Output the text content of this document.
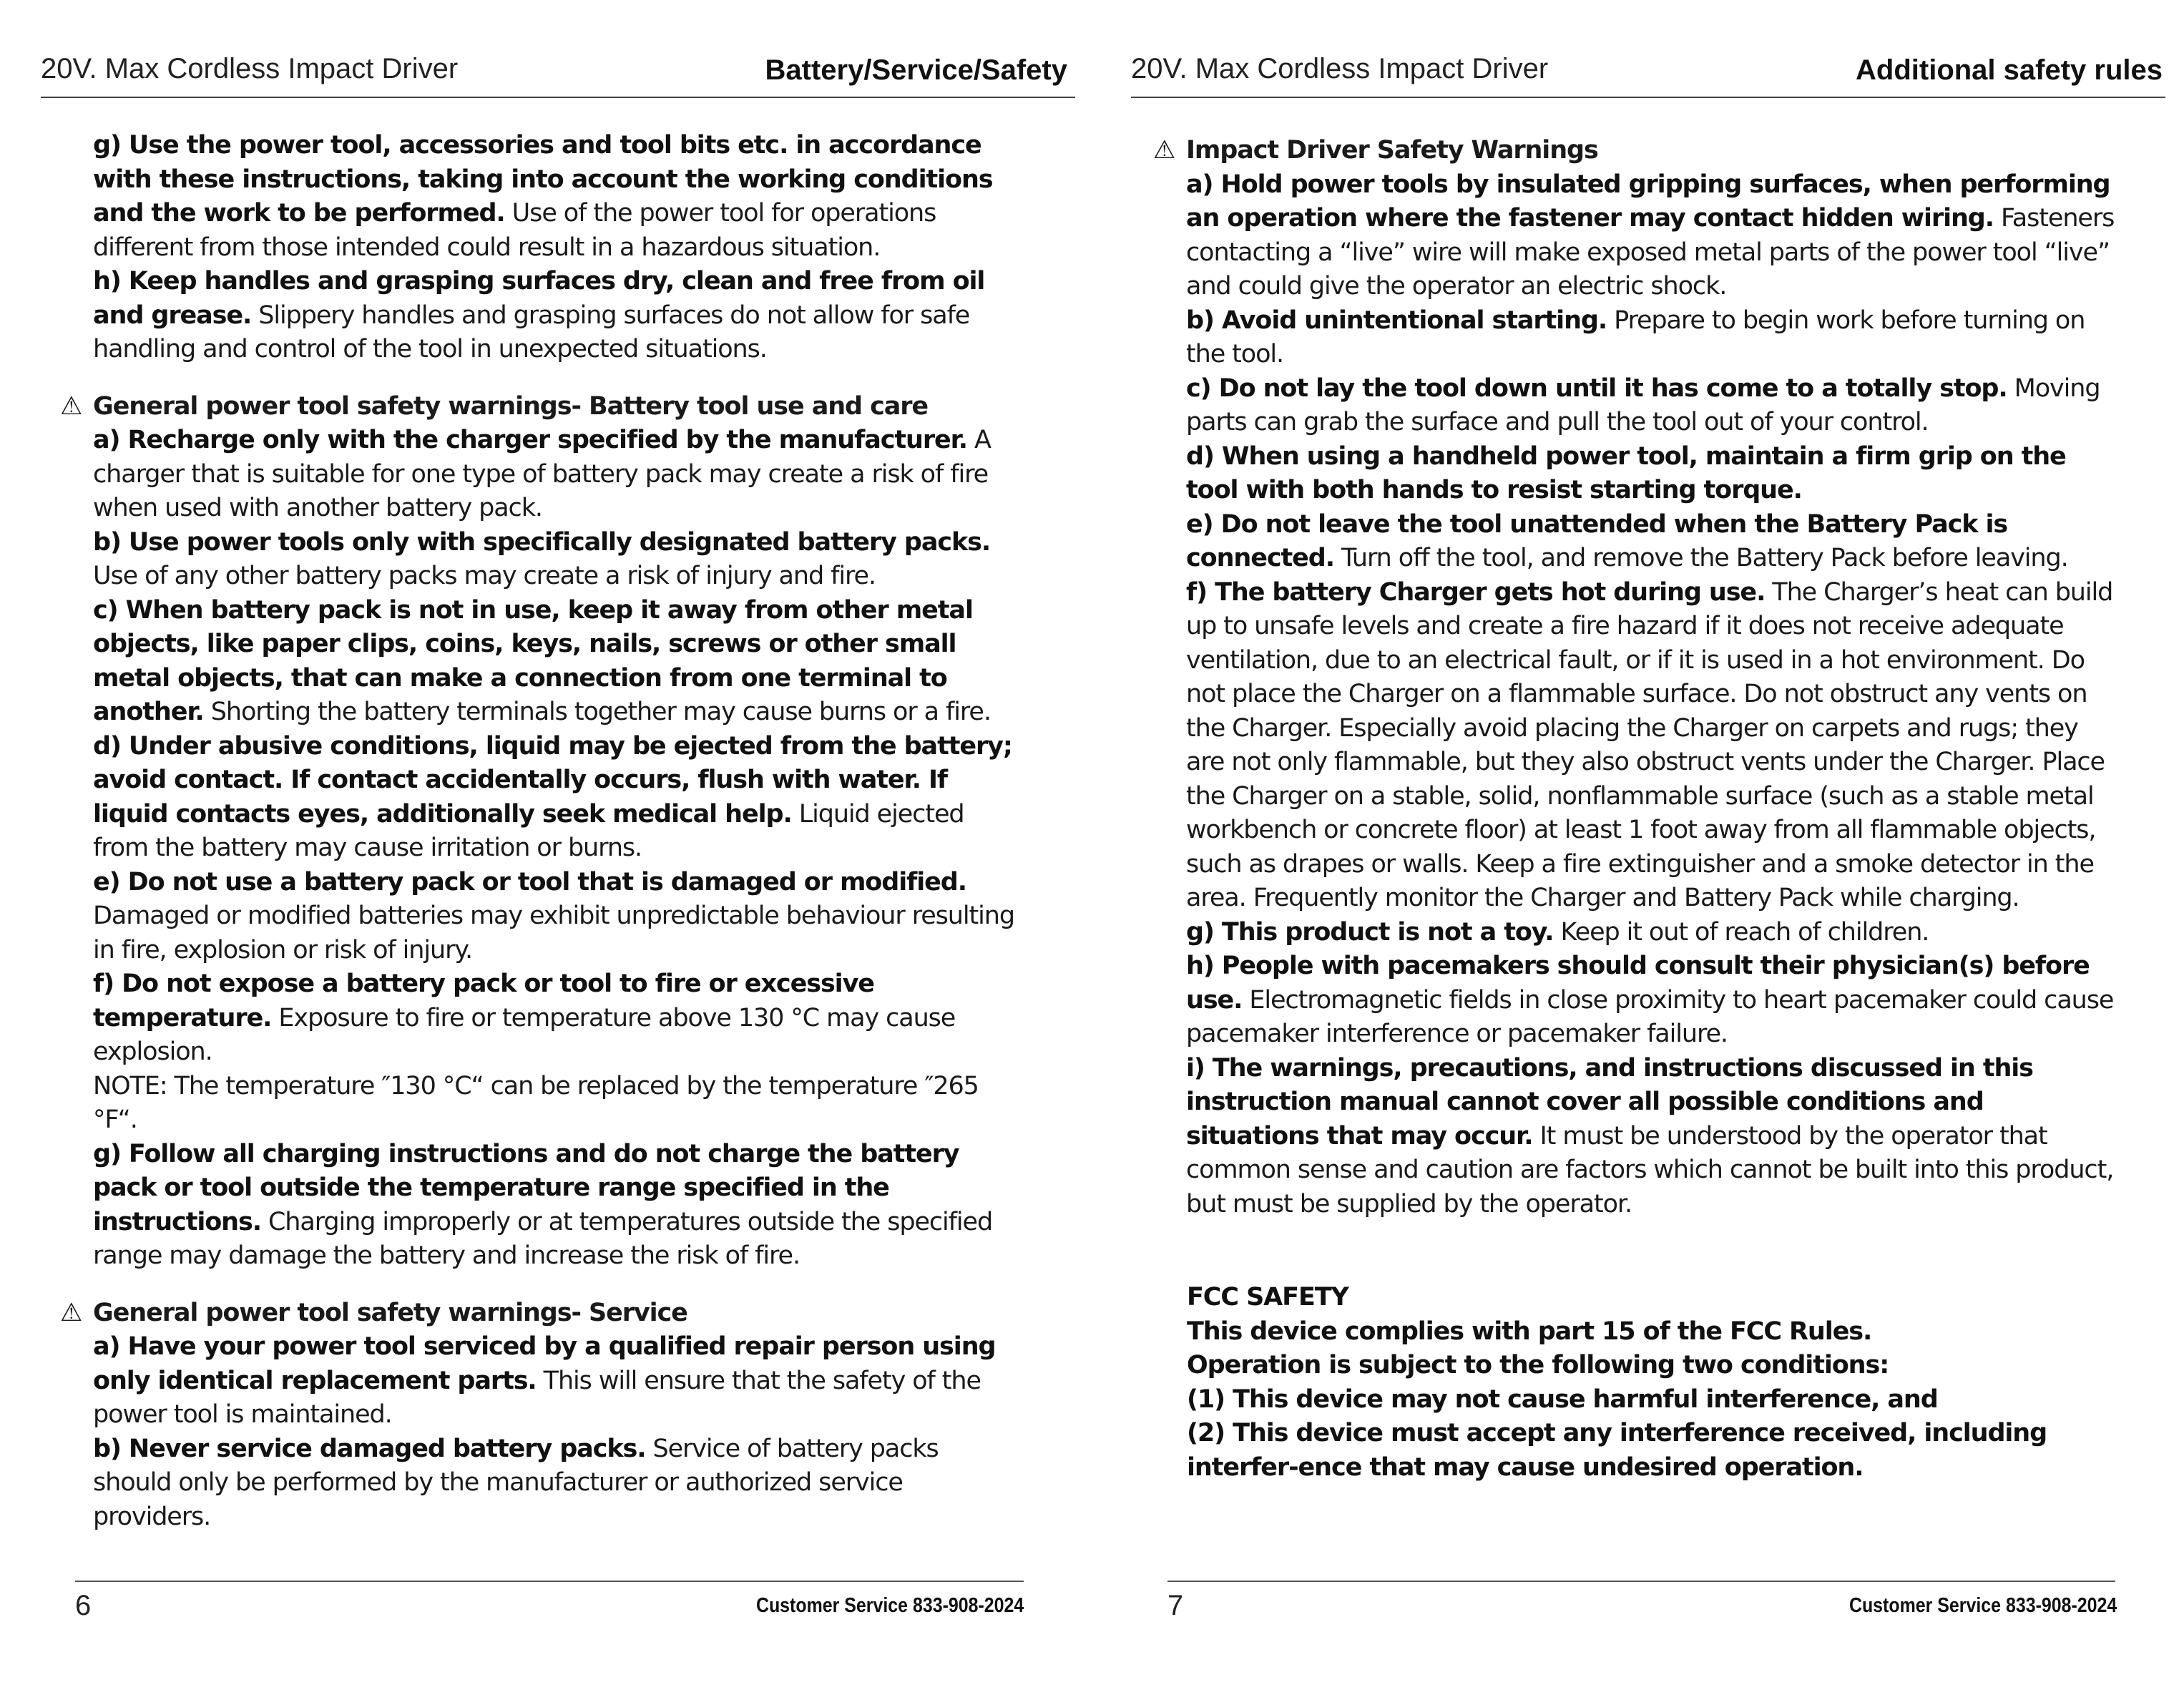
20V. Max Cordless Impact Driver	Battery/Service/Safety

g) Use the power tool, accessories and tool bits etc. in accordance with these instructions, taking into account the working conditions and the work to be performed. Use of the power tool for operations different from those intended could result in a hazardous situation.

h) Keep handles and grasping surfaces dry, clean and free from oil and grease. Slippery handles and grasping surfaces do not allow for safe handling and control of the tool in unexpected situations.

⚠ General power tool safety warnings- Battery tool use and care

a) Recharge only with the charger specified by the manufacturer. A charger that is suitable for one type of battery pack may create a risk of fire when used with another battery pack.

b) Use power tools only with specifically designated battery packs. Use of any other battery packs may create a risk of injury and fire.

c) When battery pack is not in use, keep it away from other metal objects, like paper clips, coins, keys, nails, screws or other small metal objects, that can make a connection from one terminal to another. Shorting the battery terminals together may cause burns or a fire.

d) Under abusive conditions, liquid may be ejected from the battery; avoid contact. If contact accidentally occurs, flush with water. If liquid contacts eyes, additionally seek medical help. Liquid ejected from the battery may cause irritation or burns.

e) Do not use a battery pack or tool that is damaged or modified. Damaged or modified batteries may exhibit unpredictable behaviour resulting in fire, explosion or risk of injury.

f) Do not expose a battery pack or tool to fire or excessive temperature. Exposure to fire or temperature above 130 °C may cause explosion.

NOTE: The temperature ″130 °C“ can be replaced by the temperature ″265 °F“.

g) Follow all charging instructions and do not charge the battery pack or tool outside the temperature range specified in the instructions. Charging improperly or at temperatures outside the specified range may damage the battery and increase the risk of fire.

⚠ General power tool safety warnings- Service

a) Have your power tool serviced by a qualified repair person using only identical replacement parts. This will ensure that the safety of the power tool is maintained.

b) Never service damaged battery packs. Service of battery packs should only be performed by the manufacturer or authorized service providers.

6	Customer Service 833-908-2024
20V. Max Cordless Impact Driver	Additional safety rules

⚠ Impact Driver Safety Warnings

a) Hold power tools by insulated gripping surfaces, when performing an operation where the fastener may contact hidden wiring. Fasteners contacting a “live” wire will make exposed metal parts of the power tool “live” and could give the operator an electric shock.

b) Avoid unintentional starting. Prepare to begin work before turning on the tool.

c) Do not lay the tool down until it has come to a totally stop. Moving parts can grab the surface and pull the tool out of your control.

d) When using a handheld power tool, maintain a firm grip on the tool with both hands to resist starting torque.

e) Do not leave the tool unattended when the Battery Pack is connected. Turn off the tool, and remove the Battery Pack before leaving.

f) The battery Charger gets hot during use. The Charger’s heat can build up to unsafe levels and create a fire hazard if it does not receive adequate ventilation, due to an electrical fault, or if it is used in a hot environment. Do not place the Charger on a flammable surface. Do not obstruct any vents on the Charger. Especially avoid placing the Charger on carpets and rugs; they are not only flammable, but they also obstruct vents under the Charger. Place the Charger on a stable, solid, nonflammable surface (such as a stable metal workbench or concrete floor) at least 1 foot away from all flammable objects, such as drapes or walls. Keep a fire extinguisher and a smoke detector in the area. Frequently monitor the Charger and Battery Pack while charging.

g) This product is not a toy. Keep it out of reach of children.

h) People with pacemakers should consult their physician(s) before use. Electromagnetic fields in close proximity to heart pacemaker could cause pacemaker interference or pacemaker failure.

i) The warnings, precautions, and instructions discussed in this instruction manual cannot cover all possible conditions and situations that may occur. It must be understood by the operator that common sense and caution are factors which cannot be built into this product, but must be supplied by the operator.

FCC SAFETY

This device complies with part 15 of the FCC Rules.

Operation is subject to the following two conditions:

(1) This device may not cause harmful interference, and

(2) This device must accept any interference received, including interfer-ence that may cause undesired operation.

7	Customer Service 833-908-2024
